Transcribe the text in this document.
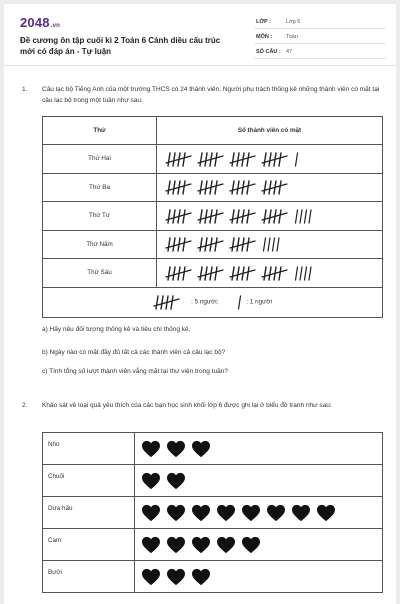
2048.vn
Đề cương ôn tập cuối kì 2 Toán 6 Cánh diều cấu trúc mới có đáp án - Tự luận
LỚP :	Lớp 6
MÔN :	Toán
SỐ CÂU : 47
1. Câu lạc bộ Tiếng Anh của một trường THCS có 24 thành viên. Người phụ trách thống kê những thành viên có mặt tại câu lạc bộ trong một tuần như sau:
Thứ	Số thành viên có mặt
Thứ Hai	
Thứ Ba	
Thứ Tư	
Thứ Năm	
Thứ Sáu	
: 5 người; : 1 người	
a) Hãy nêu đối tượng thống kê và tiêu chí thống kê.
b) Ngày nào có mặt đầy đủ tất cả các thành viên cả câu lạc bộ?
c) Tính tổng số lượt thành viên vắng mặt tại thư viện trong tuần?
2. Khảo sát về loại quả yêu thích của các bạn học sinh khối lớp 6 được ghi lại ở biểu đồ tranh như sau:
Nho	
Chuối	
Dưa hấu	
Cam	
Bưởi	
